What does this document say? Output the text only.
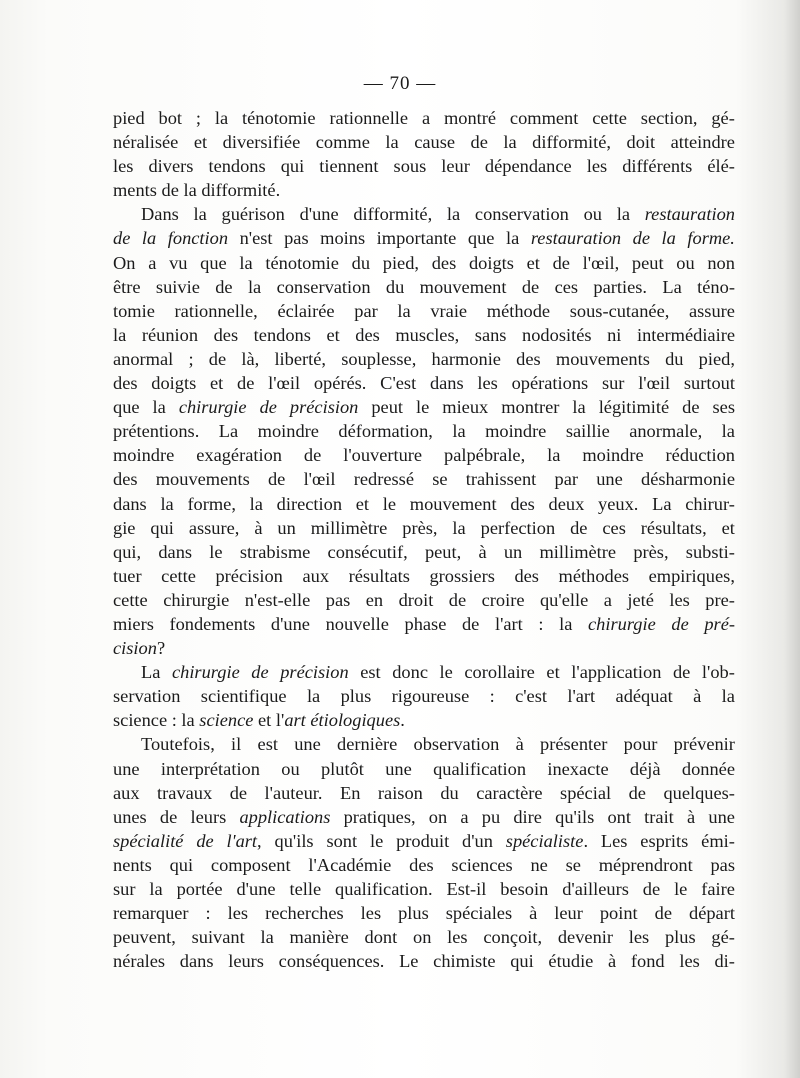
— 70 —
pied bot ; la ténotomie rationnelle a montré comment cette section, gé-
néralisée et diversifiée comme la cause de la difformité, doit atteindre
les divers tendons qui tiennent sous leur dépendance les différents élé-
ments de la difformité.
Dans la guérison d'une difformité, la conservation ou la restauration
de la fonction n'est pas moins importante que la restauration de la forme.
On a vu que la ténotomie du pied, des doigts et de l'œil, peut ou non
être suivie de la conservation du mouvement de ces parties. La téno-
tomie rationnelle, éclairée par la vraie méthode sous-cutanée, assure
la réunion des tendons et des muscles, sans nodosités ni intermédiaire
anormal ; de là, liberté, souplesse, harmonie des mouvements du pied,
des doigts et de l'œil opérés. C'est dans les opérations sur l'œil surtout
que la chirurgie de précision peut le mieux montrer la légitimité de ses
prétentions. La moindre déformation, la moindre saillie anormale, la
moindre exagération de l'ouverture palpébrale, la moindre réduction
des mouvements de l'œil redressé se trahissent par une désharmonie
dans la forme, la direction et le mouvement des deux yeux. La chirur-
gie qui assure, à un millimètre près, la perfection de ces résultats, et
qui, dans le strabisme consécutif, peut, à un millimètre près, substi-
tuer cette précision aux résultats grossiers des méthodes empiriques,
cette chirurgie n'est-elle pas en droit de croire qu'elle a jeté les pre-
miers fondements d'une nouvelle phase de l'art : la chirurgie de pré-
cision ?
La chirurgie de précision est donc le corollaire et l'application de l'ob-
servation scientifique la plus rigoureuse : c'est l'art adéquat à la
science : la science et l' art étiologiques .
Toutefois, il est une dernière observation à présenter pour prévenir
une interprétation ou plutôt une qualification inexacte déjà donnée
aux travaux de l'auteur. En raison du caractère spécial de quelques-
unes de leurs applications pratiques, on a pu dire qu'ils ont trait à une
spécialité de l'art, qu'ils sont le produit d'un spécialiste. Les esprits émi-
nents qui composent l'Académie des sciences ne se méprendront pas
sur la portée d'une telle qualification. Est-il besoin d'ailleurs de le faire
remarquer : les recherches les plus spéciales à leur point de départ
peuvent, suivant la manière dont on les conçoit, devenir les plus gé-
nérales dans leurs conséquences. Le chimiste qui étudie à fond les di-
